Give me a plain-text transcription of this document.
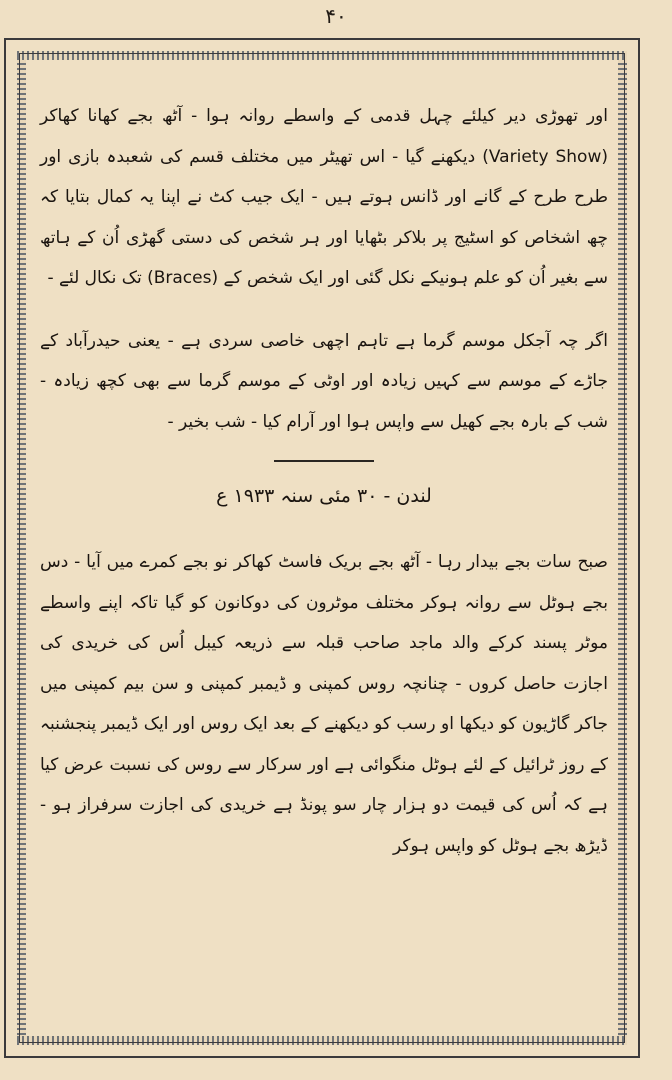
۴۰

اور تھوڑی دیر کیلئے چہل قدمی کے واسطے روانہ ہوا - آٹھ بجے کھانا کھاکر (Variety Show) دیکھنے گیا - اس تھیٹر میں مختلف قسم کی شعبدہ بازی اور طرح طرح کے گانے اور ڈانس ہوتے ہیں - ایک جیب کٹ نے اپنا یہ کمال بتایا کہ چھ اشخاص کو اسٹیج پر بلاکر بٹھایا اور ہر شخص کی دستی گھڑی اُن کے ہاتھ سے بغیر اُن کو علم ہونیکے نکل گئی اور ایک شخص کے (Braces) تک نکال لئے -

اگر چہ آجکل موسم گرما ہے تاہم اچھی خاصی سردی ہے - یعنی حیدرآباد کے جاڑے کے موسم سے کہیں زیادہ اور اوٹی کے موسم گرما سے بھی کچھ زیادہ - شب کے بارہ بجے کھیل سے واپس ہوا اور آرام کیا - شب بخیر -

لندن - ۳۰ مئی سنہ ۱۹۳۳ ع

صبح سات بجے بیدار رہا - آٹھ بجے بریک فاسٹ کھاکر نو بجے کمرے میں آیا - دس بجے ہوٹل سے روانہ ہوکر مختلف موٹرون کی دوکانون کو گیا تاکہ اپنے واسطے موٹر پسند کرکے والد ماجد صاحب قبلہ سے ذریعہ کیبل اُس کی خریدی کی اجازت حاصل کروں - چنانچہ روس کمپنی و ڈیمبر کمپنی و سن بیم کمپنی میں جاکر گاڑیون کو دیکھا او رسب کو دیکھنے کے بعد ایک روس اور ایک ڈیمبر پنجشنبہ کے روز ٹرائیل کے لئے ہوٹل منگوائی ہے اور سرکار سے روس کی نسبت عرض کیا ہے کہ اُس کی قیمت دو ہزار چار سو پونڈ ہے خریدی کی اجازت سرفراز ہو - ڈیڑھ بجے ہوٹل کو واپس ہوکر
